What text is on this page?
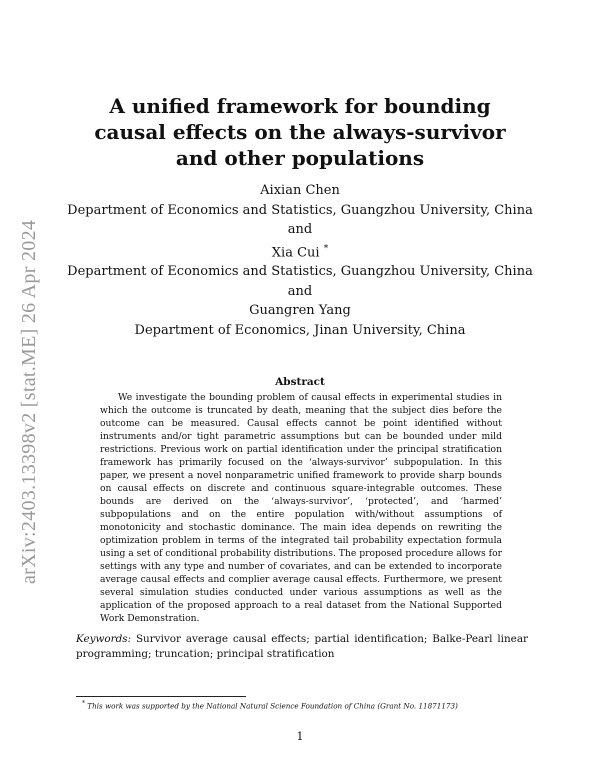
arXiv:2403.13398v2 [stat.ME] 26 Apr 2024
A unified framework for bounding causal effects on the always-survivor and other populations
Aixian Chen
Department of Economics and Statistics, Guangzhou University, China
and
Xia Cui *
Department of Economics and Statistics, Guangzhou University, China
and
Guangren Yang
Department of Economics, Jinan University, China
Abstract
We investigate the bounding problem of causal effects in experimental studies in which the outcome is truncated by death, meaning that the subject dies before the outcome can be measured. Causal effects cannot be point identified without instruments and/or tight parametric assumptions but can be bounded under mild restrictions. Previous work on partial identification under the principal stratification framework has primarily focused on the ‘always-survivor’ subpopulation. In this paper, we present a novel nonparametric unified framework to provide sharp bounds on causal effects on discrete and continuous square-integrable outcomes. These bounds are derived on the ‘always-survivor’, ‘protected’, and ‘harmed’ subpopulations and on the entire population with/without assumptions of monotonicity and stochastic dominance. The main idea depends on rewriting the optimization problem in terms of the integrated tail probability expectation formula using a set of conditional probability distributions. The proposed procedure allows for settings with any type and number of covariates, and can be extended to incorporate average causal effects and complier average causal effects. Furthermore, we present several simulation studies conducted under various assumptions as well as the application of the proposed approach to a real dataset from the National Supported Work Demonstration.
Keywords: Survivor average causal effects; partial identification; Balke-Pearl linear programming; truncation; principal stratification
* This work was supported by the National Natural Science Foundation of China (Grant No. 11871173)
1
